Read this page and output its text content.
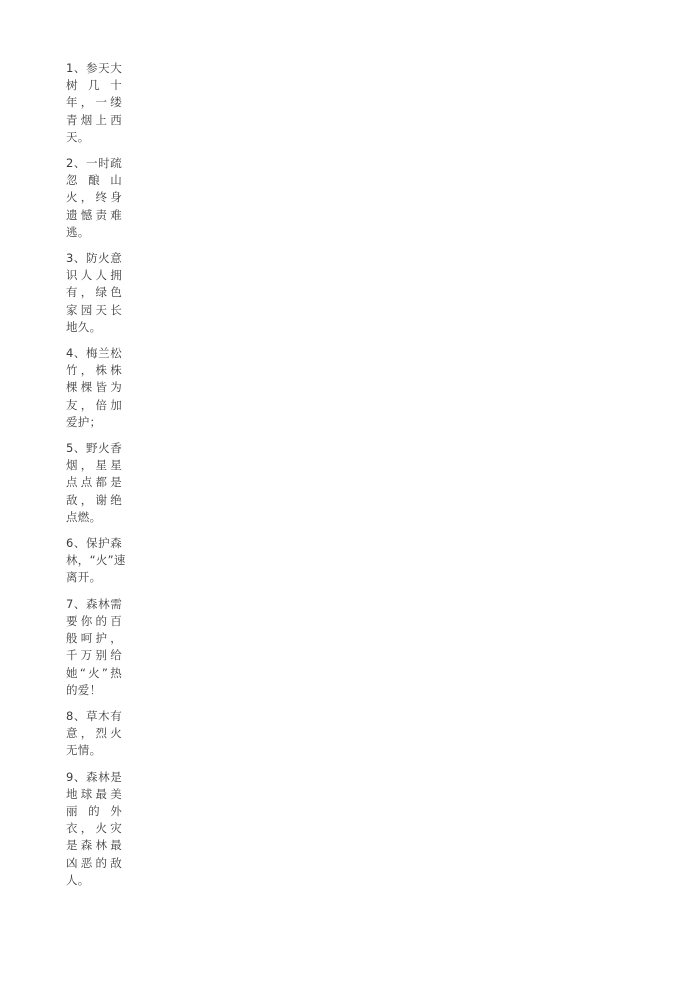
1、参天大树几十年，一缕青烟上西天。

2、一时疏忽酿山火，终身遗憾责难逃。

3、防火意识人人拥有，绿色家园天长地久。

4、梅兰松竹，株株棵棵皆为友，倍加爱护；

5、野火香烟，星星点点都是敌，谢绝点燃。

6、保护森林，“火”速离开。

7、森林需要你的百般呵护，千万别给她“火”热的爱！

8、草木有意，烈火无情。

9、森林是地球最美丽的外衣，火灾是森林最凶恶的敌人。
